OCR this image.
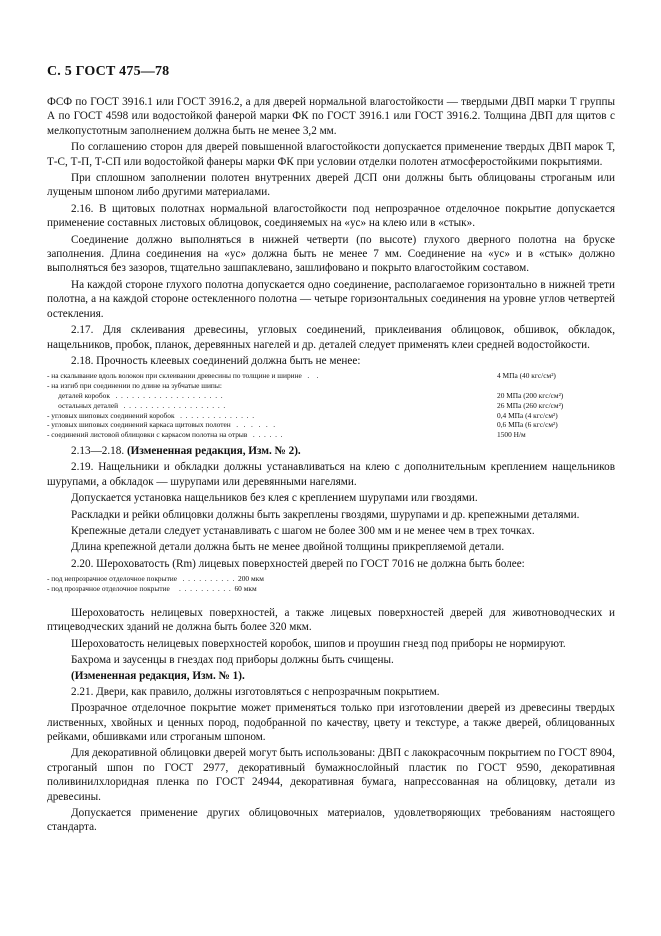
С. 5 ГОСТ 475—78

ФСФ по ГОСТ 3916.1 или ГОСТ 3916.2, а для дверей нормальной влагостойкости — твердыми ДВП марки Т группы А по ГОСТ 4598 или водостойкой фанерой марки ФК по ГОСТ 3916.1 или ГОСТ 3916.2. Толщина ДВП для щитов с мелкопустотным заполнением должна быть не менее 3,2 мм.

По соглашению сторон для дверей повышенной влагостойкости допускается применение твердых ДВП марок Т, Т-С, Т-П, Т-СП или водостойкой фанеры марки ФК при условии отделки полотен атмосферостойкими покрытиями.

При сплошном заполнении полотен внутренних дверей ДСП они должны быть облицованы строганым или лущеным шпоном либо другими материалами.

2.16. В щитовых полотнах нормальной влагостойкости под непрозрачное отделочное покрытие допускается применение составных листовых облицовок, соединяемых на «ус» на клею или в «стык».

Соединение должно выполняться в нижней четверти (по высоте) глухого дверного полотна на бруске заполнения. Длина соединения на «ус» должна быть не менее 7 мм. Соединение на «ус» и в «стык» должно выполняться без зазоров, тщательно зашпаклевано, зашлифовано и покрыто влагостойким составом.

На каждой стороне глухого полотна допускается одно соединение, располагаемое горизонтально в нижней трети полотна, а на каждой стороне остекленного полотна — четыре горизонтальных соединения на уровне углов четвертей остекления.

2.17. Для склеивания древесины, угловых соединений, приклеивания облицовок, обшивок, обкладок, нащельников, пробок, планок, деревянных нагелей и др. деталей следует применять клеи средней водостойкости.

2.18. Прочность клеевых соединений должна быть не менее:

- на скалывание вдоль волокон при склеивании древесины по толщине и ширине   .    .	4 МПа (40 кгс/см²)
- на изгиб при соединении по длине на зубчатые шипы:
деталей коробок   .  .  .  .  .  .  .  .  .  .  .  .  .  .  .  .  .  .  .  .	20 МПа (200 кгс/см²)
остальных деталей   .  .  .  .  .  .  .  .  .  .  .  .  .  .  .  .  .  .  .	26 МПа (260 кгс/см²)
- угловых шиповых соединений коробок   .  .  .  .  .  .  .  .  .  .  .  .  .  .	0,4 МПа (4 кгс/см²)
- угловых шиповых соединений каркаса щитовых полотен   .   .   .   .   .   .	0,6 МПа (6 кгс/см²)
- соединений листовой облицовки с каркасом полотна на отрыв   .  .  .  .  .  .	1500 Н/м

2.13—2.18. (Измененная редакция, Изм. № 2).

2.19. Нащельники и обкладки должны устанавливаться на клею с дополнительным креплением нащельников шурупами, а обкладок — шурупами или деревянными нагелями.

Допускается установка нащельников без клея с креплением шурупами или гвоздями.

Раскладки и рейки облицовки должны быть закреплены гвоздями, шурупами и др. крепежными деталями.

Крепежные детали следует устанавливать с шагом не более 300 мм и не менее чем в трех точках.

Длина крепежной детали должна быть не менее двойной толщины прикрепляемой детали.

2.20. Шероховатость (Rm) лицевых поверхностей дверей по ГОСТ 7016 не должна быть более:

- под непрозрачное отделочное покрытие   .  .  .  .  .  .  .  .  .  . 200 мкм
- под прозрачное отделочное покрытие     .  .  .  .  .  .  .  .  .  . 60 мкм

Шероховатость нелицевых поверхностей, а также лицевых поверхностей дверей для животноводческих и птицеводческих зданий не должна быть более 320 мкм.

Шероховатость нелицевых поверхностей коробок, шипов и проушин гнезд под приборы не нормируют.

Бахрома и заусенцы в гнездах под приборы должны быть счищены.

(Измененная редакция, Изм. № 1).

2.21. Двери, как правило, должны изготовляться с непрозрачным покрытием.

Прозрачное отделочное покрытие может применяться только при изготовлении дверей из древесины твердых лиственных, хвойных и ценных пород, подобранной по качеству, цвету и текстуре, а также дверей, облицованных рейками, обшивками или строганым шпоном.

Для декоративной облицовки дверей могут быть использованы: ДВП с лакокрасочным покрытием по ГОСТ 8904, строганый шпон по ГОСТ 2977, декоративный бумажнослойный пластик по ГОСТ 9590, декоративная поливинилхлоридная пленка по ГОСТ 24944, декоративная бумага, напрессованная на облицовку, детали из древесины.

Допускается применение других облицовочных материалов, удовлетворяющих требованиям настоящего стандарта.
